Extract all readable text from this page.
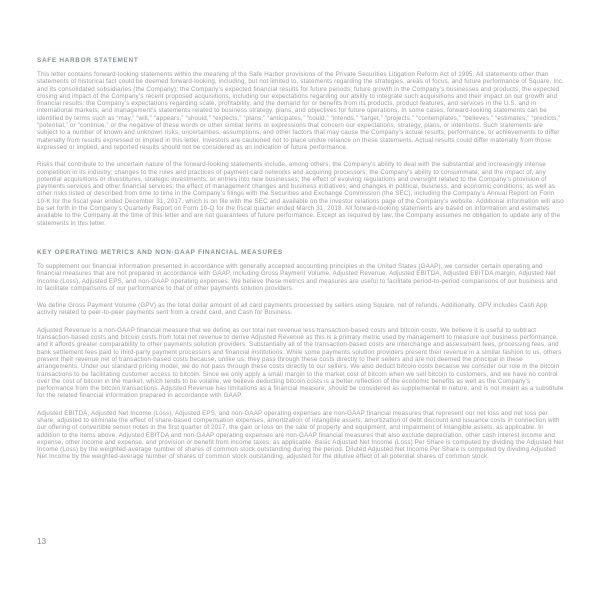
SAFE HARBOR STATEMENT

This letter contains forward-looking statements within the meaning of the Safe Harbor provisions of the Private Securities Litigation Reform Act of 1995. All statements other than statements of historical fact could be deemed forward-looking, including, but not limited to, statements regarding the strategies, areas of focus, and future performance of Square, Inc. and its consolidated subsidiaries (the Company); the Company’s expected financial results for future periods; future growth in the Company’s businesses and products; the expected closing and impact of the Company’s recent proposed acquisitions, including our expectations regarding our ability to integrate such acquisitions and their impact on our growth and financial results; the Company’s expectations regarding scale, profitability, and the demand for or benefits from its products, product features, and services in the U.S. and in international markets; and management’s statements related to business strategy, plans, and objectives for future operations. In some cases, forward-looking statements can be identified by terms such as “may,” “will,” “appears,” “should,” “expects,” “plans,” “anticipates,” “could,” “intends,” “target,” “projects,” “contemplates,” “believes,” “estimates,” “predicts,” “potential,” or “continue,” or the negative of these words or other similar terms or expressions that concern our expectations, strategy, plans, or intentions. Such statements are subject to a number of known and unknown risks, uncertainties, assumptions, and other factors that may cause the Company’s actual results, performance, or achievements to differ materially from results expressed or implied in this letter. Investors are cautioned not to place undue reliance on these statements. Actual results could differ materially from those expressed or implied, and reported results should not be considered as an indication of future performance.

Risks that contribute to the uncertain nature of the forward-looking statements include, among others, the Company’s ability to deal with the substantial and increasingly intense competition in its industry; changes to the rules and practices of payment card networks and acquiring processors; the Company’s ability to consummate, and the impact of, any potential acquisitions or divestitures, strategic investments, or entries into new businesses; the effect of evolving regulations and oversight related to the Company’s provision of payments services and other financial services; the effect of management changes and business initiatives; and changes in political, business, and economic conditions; as well as other risks listed or described from time to time in the Company’s filings with the Securities and Exchange Commission (the SEC), including the Company’s Annual Report on Form 10-K for the fiscal year ended December 31, 2017, which is on file with the SEC and available on the investor relations page of the Company’s website. Additional information will also be set forth in the Company’s Quarterly Report on Form 10-Q for the fiscal quarter ended March 31, 2018. All forward-looking statements are based on information and estimates available to the Company at the time of this letter and are not guarantees of future performance. Except as required by law, the Company assumes no obligation to update any of the statements in this letter.

KEY OPERATING METRICS AND NON-GAAP FINANCIAL MEASURES

To supplement our financial information presented in accordance with generally accepted accounting principles in the United States (GAAP), we consider certain operating and financial measures that are not prepared in accordance with GAAP, including Gross Payment Volume, Adjusted Revenue, Adjusted EBITDA, Adjusted EBITDA margin, Adjusted Net Income (Loss), Adjusted EPS, and non-GAAP operating expenses. We believe these metrics and measures are useful to facilitate period-to-period comparisons of our business and to facilitate comparisons of our performance to that of other payments solution providers.

We define Gross Payment Volume (GPV) as the total dollar amount of all card payments processed by sellers using Square, net of refunds. Additionally, GPV includes Cash App activity related to peer-to-peer payments sent from a credit card, and Cash for Business.

Adjusted Revenue is a non-GAAP financial measure that we define as our total net revenue less transaction-based costs and bitcoin costs. We believe it is useful to subtract transaction-based costs and bitcoin costs from total net revenue to derive Adjusted Revenue as this is a primary metric used by management to measure our business performance, and it affords greater comparability to other payments solution providers. Substantially all of the transaction-based costs are interchange and assessment fees, processing fees, and bank settlement fees paid to third-party payment processors and financial institutions. While some payments solution providers present their revenue in a similar fashion to us, others present their revenue net of transaction-based costs because, unlike us, they pass through these costs directly to their sellers and are not deemed the principal in these arrangements. Under our standard pricing model, we do not pass through these costs directly to our sellers. We also deduct bitcoin costs because we consider our role in the bitcoin transactions to be facilitating customer access to bitcoin. Since we only apply a small margin to the market cost of bitcoin when we sell bitcoin to customers, and we have no control over the cost of bitcoin in the market, which tends to be volatile, we believe deducting bitcoin costs is a better reflection of the economic benefits as well as the Company’s performance from the bitcoin transactions. Adjusted Revenue has limitations as a financial measure, should be considered as supplemental in nature, and is not meant as a substitute for the related financial information prepared in accordance with GAAP.

Adjusted EBITDA, Adjusted Net Income (Loss), Adjusted EPS, and non-GAAP operating expenses are non-GAAP financial measures that represent our net loss and net loss per share, adjusted to eliminate the effect of share-based compensation expenses, amortization of intangible assets, amortization of debt discount and issuance costs in connection with our offering of convertible senior notes in the first quarter of 2017, the gain or loss on the sale of property and equipment, and impairment of intangible assets, as applicable. In addition to the items above, Adjusted EBITDA and non-GAAP operating expenses are non-GAAP financial measures that also exclude depreciation, other cash interest income and expense, other income and expense, and provision or benefit from income taxes, as applicable. Basic Adjusted Net Income (Loss) Per Share is computed by dividing the Adjusted Net Income (Loss) by the weighted-average number of shares of common stock outstanding during the period. Diluted Adjusted Net Income Per Share is computed by dividing Adjusted Net Income by the weighted-average number of shares of common stock outstanding, adjusted for the dilutive effect of all potential shares of common stock.

13
